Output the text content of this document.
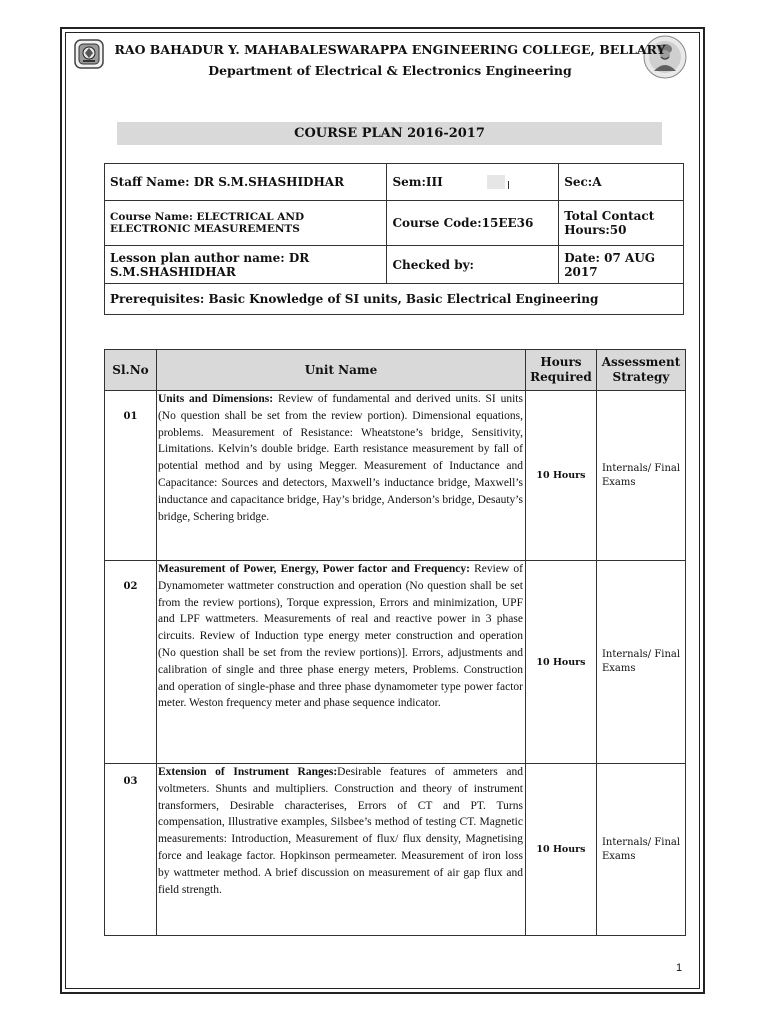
RAO BAHADUR Y. MAHABALESWARAPPA ENGINEERING COLLEGE, BELLARY
Department of Electrical & Electronics Engineering
COURSE PLAN 2016-2017
Staff Name: DR S.M.SHASHIDHAR	Sem:III	Sec:A
Course Name: ELECTRICAL AND ELECTRONIC MEASUREMENTS	Course Code:15EE36	Total Contact Hours:50
Lesson plan author name: DR S.M.SHASHIDHAR	Checked by:	Date: 07 AUG 2017
Prerequisites: Basic Knowledge of SI units, Basic Electrical Engineering		
Sl.No	Unit Name	Hours Required	Assessment Strategy
01	Units and Dimensions: Review of fundamental and derived units. SI units (No question shall be set from the review portion). Dimensional equations, problems. Measurement of Resistance: Wheatstone’s bridge, Sensitivity, Limitations. Kelvin’s double bridge. Earth resistance measurement by fall of potential method and by using Megger. Measurement of Inductance and Capacitance: Sources and detectors, Maxwell’s inductance bridge, Maxwell’s inductance and capacitance bridge, Hay’s bridge, Anderson’s bridge, Desauty’s bridge, Schering bridge.	10 Hours	Internals/ Final Exams
02	Measurement of Power, Energy, Power factor and Frequency: Review of Dynamometer wattmeter construction and operation (No question shall be set from the review portions), Torque expression, Errors and minimization, UPF and LPF wattmeters. Measurements of real and reactive power in 3 phase circuits. Review of Induction type energy meter construction and operation (No question shall be set from the review portions)]. Errors, adjustments and calibration of single and three phase energy meters, Problems. Construction and operation of single-phase and three phase dynamometer type power factor meter. Weston frequency meter and phase sequence indicator.	10 Hours	Internals/ Final Exams
03	Extension of Instrument Ranges:Desirable features of ammeters and voltmeters. Shunts and multipliers. Construction and theory of instrument transformers, Desirable characterises, Errors of CT and PT. Turns compensation, Illustrative examples, Silsbee’s method of testing CT. Magnetic measurements: Introduction, Measurement of flux/ flux density, Magnetising force and leakage factor. Hopkinson permeameter. Measurement of iron loss by wattmeter method. A brief discussion on measurement of air gap flux and field strength.	10 Hours	Internals/ Final Exams
1
